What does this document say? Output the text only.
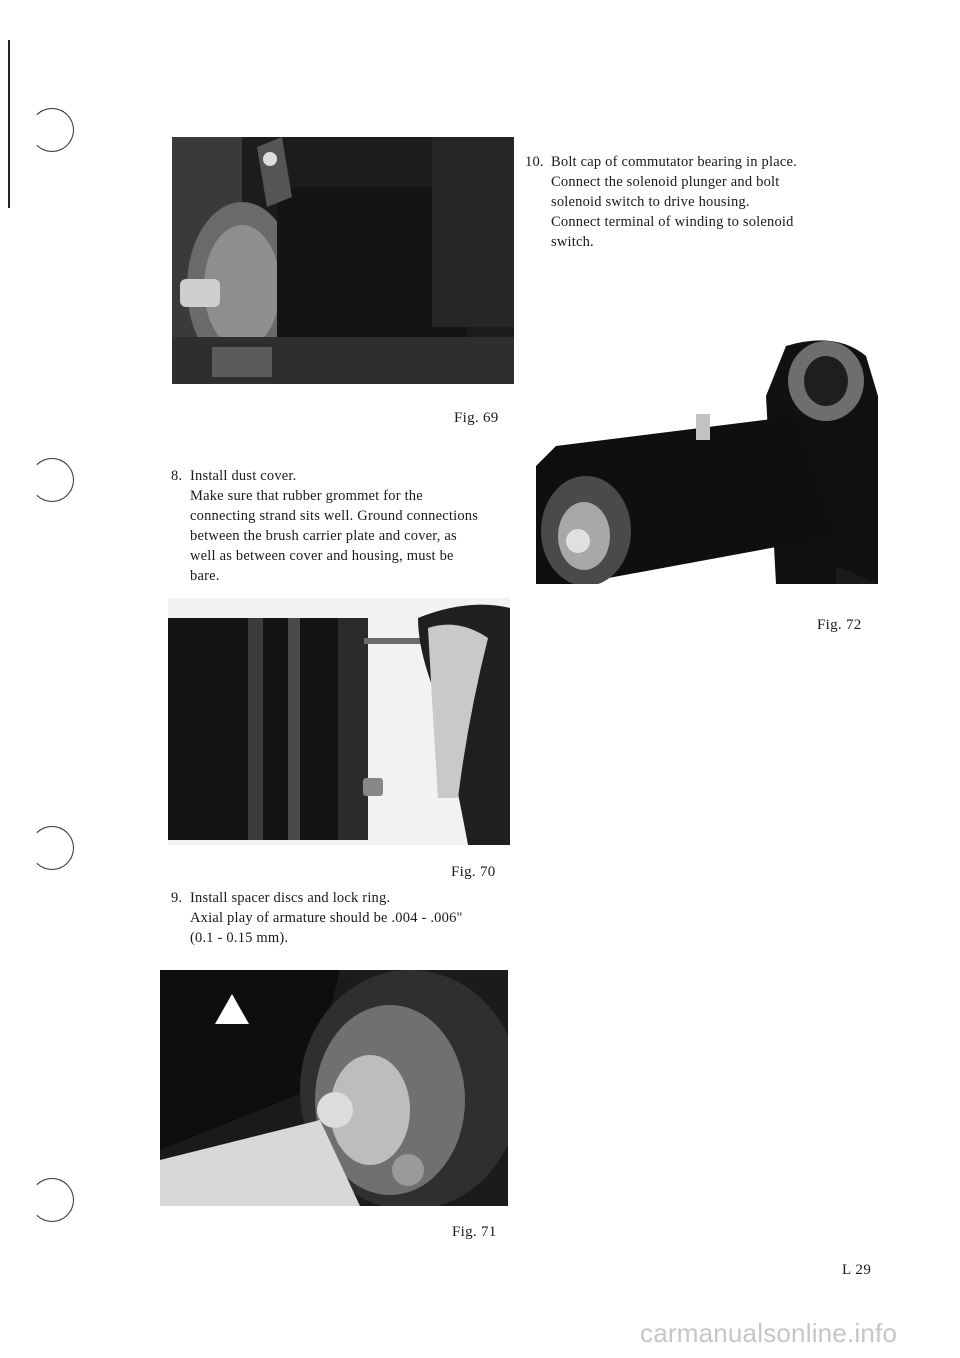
Fig. 69
8. Install dust cover.

Make sure that rubber grommet for the

connecting strand sits well. Ground connections

between the brush carrier plate and cover, as

well as between cover and housing, must be

bare.

Fig. 70
9. Install spacer discs and lock ring.

Axial play of armature should be .004 - .006"

(0.1 - 0.15 mm).

Fig. 71
10. Bolt cap of commutator bearing in place.

Connect the solenoid plunger and bolt

solenoid switch to drive housing.

Connect terminal of winding to solenoid

switch.

Fig. 72
L 29
carmanualsonline.info
